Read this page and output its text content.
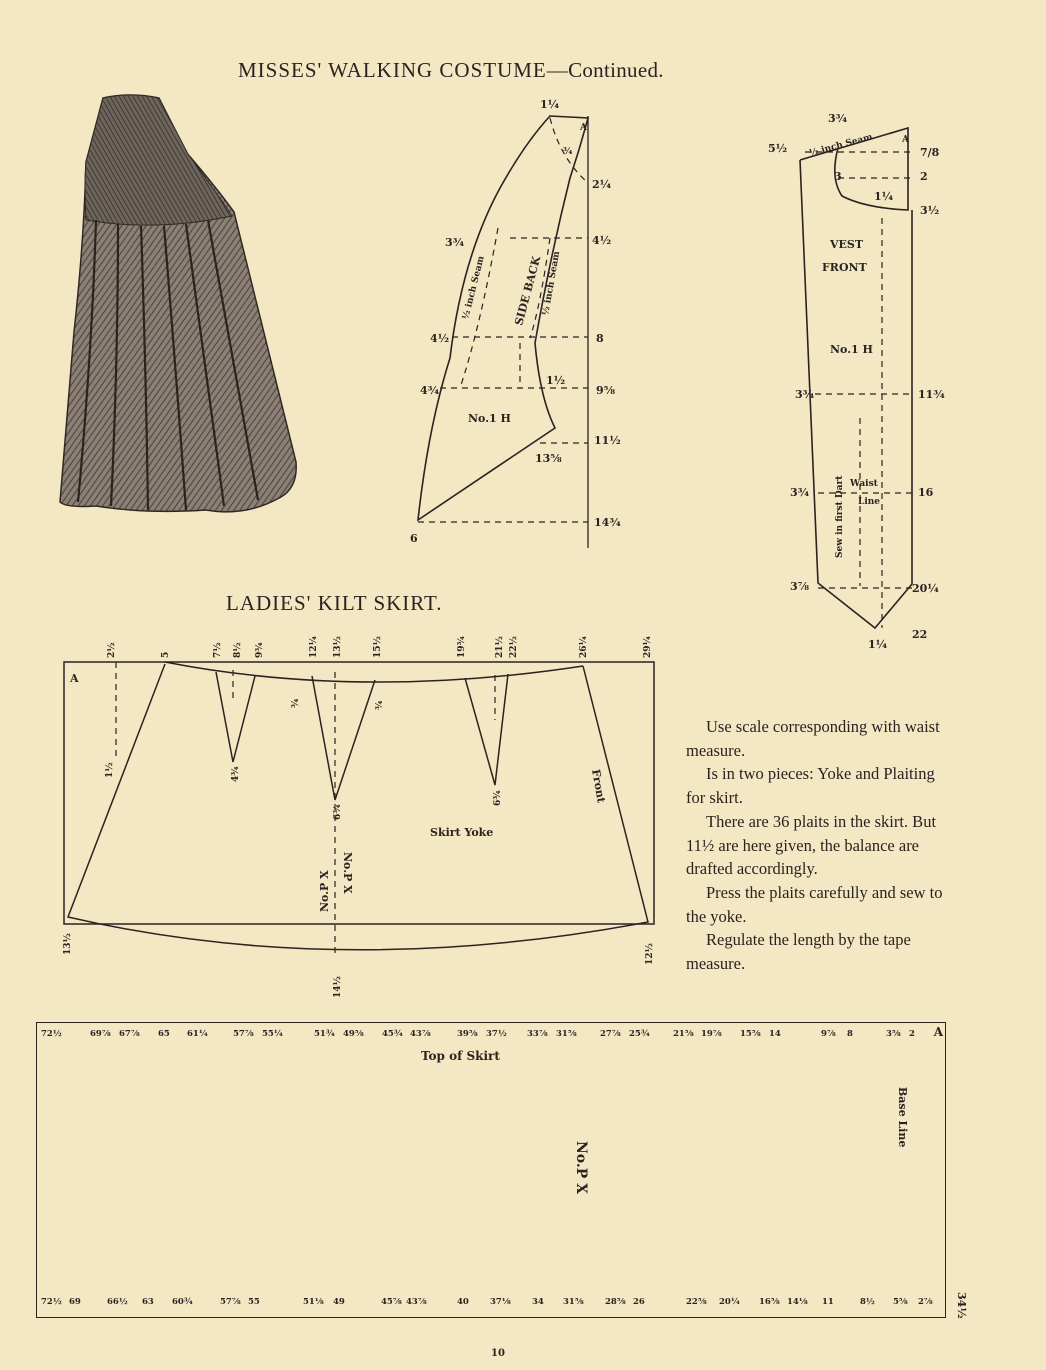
MISSES' WALKING COSTUME—Continued.
LADIES' KILT SKIRT.
1¼
A
¾
2¼
3¾	4½
4½	8
4¾
1½
9⅝
11½
13⅝
14¾
6
No.1 H
SIDE BACK
½ inch Seam	½ inch Seam
3¾
5½
A
7/8
3	2
1¼
3½
3¾	11¾
3¾	16
3⅞	20¼
1¼
22
VEST
FRONT
No.1 H
Waist
Line
Sew in first Dart
½ inch Seam
A
2½	5	7½ 8½ 9¾	12¼ 13½	15½	19¾	21½ 22½	26¼	29¼
¾	¾
1½	4¾
6¾
6¾
13½
14½
12½
Skirt Yoke
Front
No.P X No.P X

Use scale corresponding with waist measure.

Is in two pieces: Yoke and Plaiting for skirt.

There are 36 plaits in the skirt. But 11½ are here given, the balance are drafted accordingly.

Press the plaits carefully and sew to the yoke.

Regulate the length by the tape measure.

72½	69⅞ 67⅞ 65 61¼	57⅞ 55¼	51¾ 49⅝ 45¾ 43⅞	39⅝ 37½ 33⅞ 31⅝	27⅞ 25¾	21⅝ 19⅞ 15⅝ 14	9⅞ 8	3⅝ 2 A
Top of Skirt
Base Line
No.P X
72½ 69	66½ 63 60¾	57⅞ 55	51⅛ 49	45⅞ 43⅞	40 37⅛	34 31⅝	28⅝ 26	22⅝ 20¼ 16⅝ 14⅛ 11	8½ 5⅝ 2⅞ 34½
10
